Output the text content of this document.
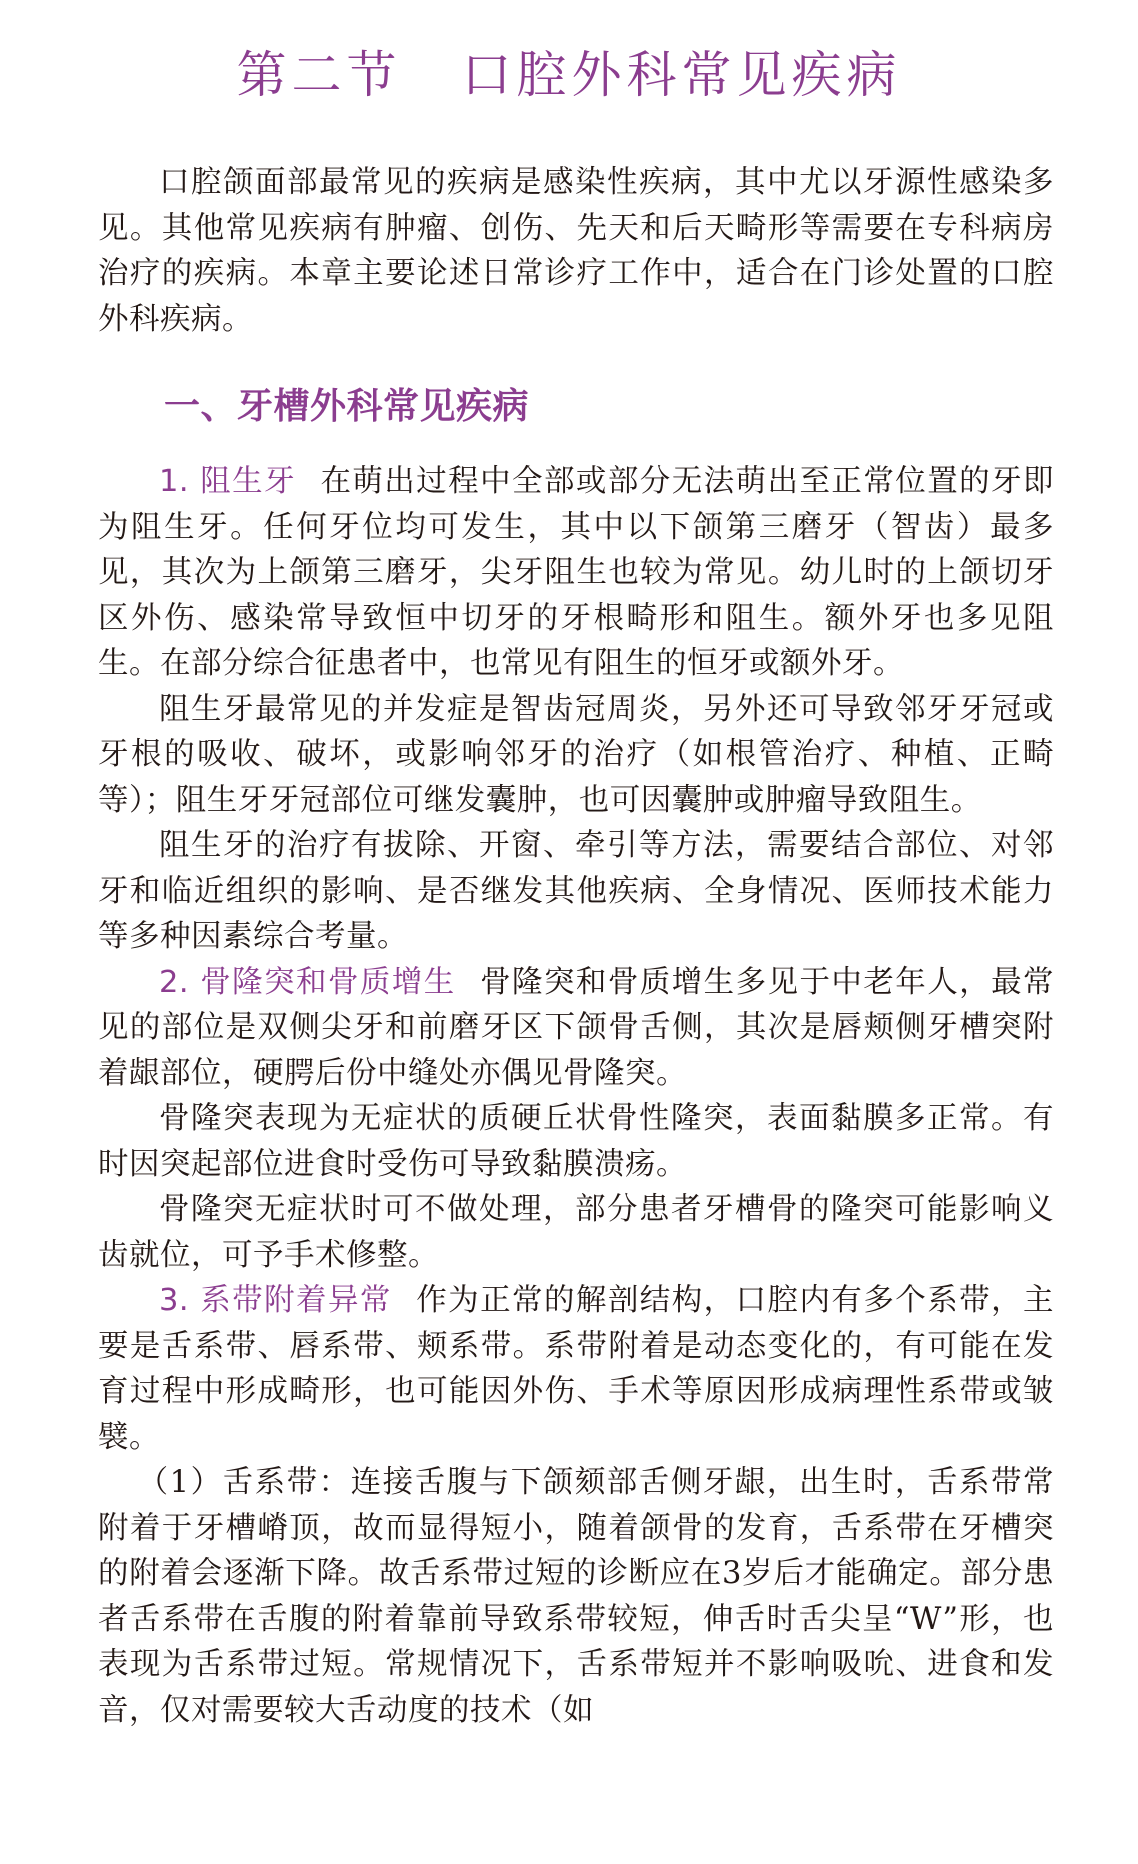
第二节 口腔外科常见疾病

口腔颌面部最常见的疾病是感染性疾病，其中尤以牙源性感染多见。其他常见疾病有肿瘤、创伤、先天和后天畸形等需要在专科病房治疗的疾病。本章主要论述日常诊疗工作中，适合在门诊处置的口腔外科疾病。

一、牙槽外科常见疾病

1. 阻生牙 在萌出过程中全部或部分无法萌出至正常位置的牙即为阻生牙。任何牙位均可发生，其中以下颌第三磨牙（智齿）最多见，其次为上颌第三磨牙，尖牙阻生也较为常见。幼儿时的上颌切牙区外伤、感染常导致恒中切牙的牙根畸形和阻生。额外牙也多见阻生。在部分综合征患者中，也常见有阻生的恒牙或额外牙。

阻生牙最常见的并发症是智齿冠周炎，另外还可导致邻牙牙冠或牙根的吸收、破坏，或影响邻牙的治疗（如根管治疗、种植、正畸等）；阻生牙牙冠部位可继发囊肿，也可因囊肿或肿瘤导致阻生。

阻生牙的治疗有拔除、开窗、牵引等方法，需要结合部位、对邻牙和临近组织的影响、是否继发其他疾病、全身情况、医师技术能力等多种因素综合考量。

2. 骨隆突和骨质增生 骨隆突和骨质增生多见于中老年人，最常见的部位是双侧尖牙和前磨牙区下颌骨舌侧，其次是唇颊侧牙槽突附着龈部位，硬腭后份中缝处亦偶见骨隆突。

骨隆突表现为无症状的质硬丘状骨性隆突，表面黏膜多正常。有时因突起部位进食时受伤可导致黏膜溃疡。

骨隆突无症状时可不做处理，部分患者牙槽骨的隆突可能影响义齿就位，可予手术修整。

3. 系带附着异常 作为正常的解剖结构，口腔内有多个系带，主要是舌系带、唇系带、颊系带。系带附着是动态变化的，有可能在发育过程中形成畸形，也可能因外伤、手术等原因形成病理性系带或皱襞。

（1）舌系带：连接舌腹与下颌颏部舌侧牙龈，出生时，舌系带常附着于牙槽嵴顶，故而显得短小，随着颌骨的发育，舌系带在牙槽突的附着会逐渐下降。故舌系带过短的诊断应在3岁后才能确定。部分患者舌系带在舌腹的附着靠前导致系带较短，伸舌时舌尖呈“W”形，也表现为舌系带过短。常规情况下，舌系带短并不影响吸吮、进食和发音，仅对需要较大舌动度的技术（如
